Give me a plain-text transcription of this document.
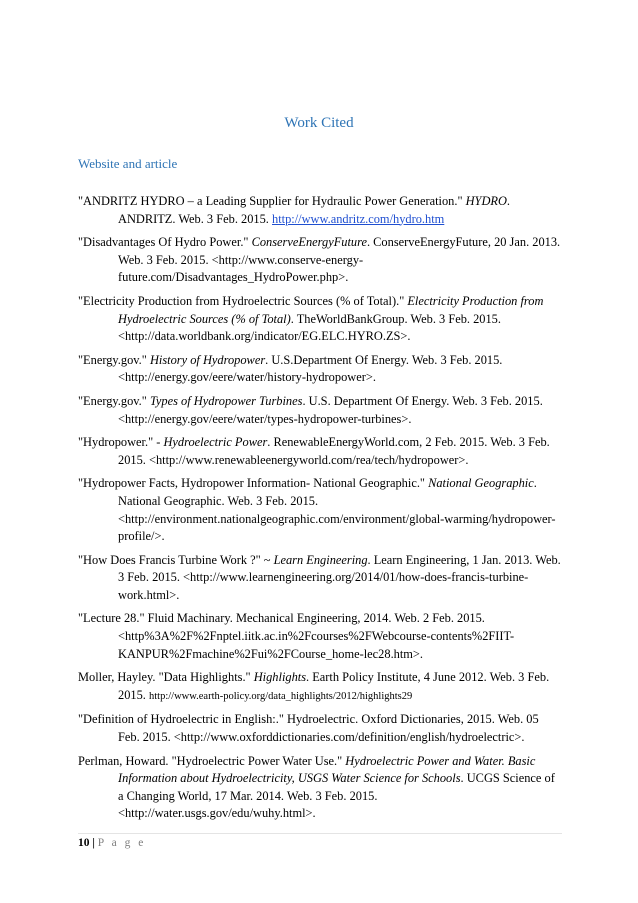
Work Cited
Website and article

"ANDRITZ HYDRO – a Leading Supplier for Hydraulic Power Generation." HYDRO. ANDRITZ. Web. 3 Feb. 2015. http://www.andritz.com/hydro.htm

"Disadvantages Of Hydro Power." ConserveEnergyFuture. ConserveEnergyFuture, 20 Jan. 2013. Web. 3 Feb. 2015. <http://www.conserve-energy-future.com/Disadvantages_HydroPower.php>.

"Electricity Production from Hydroelectric Sources (% of Total)." Electricity Production from Hydroelectric Sources (% of Total). TheWorldBankGroup. Web. 3 Feb. 2015. <http://data.worldbank.org/indicator/EG.ELC.HYRO.ZS>.

"Energy.gov." History of Hydropower. U.S.Department Of Energy. Web. 3 Feb. 2015. <http://energy.gov/eere/water/history-hydropower>.

"Energy.gov." Types of Hydropower Turbines. U.S. Department Of Energy. Web. 3 Feb. 2015. <http://energy.gov/eere/water/types-hydropower-turbines>.

"Hydropower." - Hydroelectric Power. RenewableEnergyWorld.com, 2 Feb. 2015. Web. 3 Feb. 2015. <http://www.renewableenergyworld.com/rea/tech/hydropower>.

"Hydropower Facts, Hydropower Information- National Geographic." National Geographic. National Geographic. Web. 3 Feb. 2015. <http://environment.nationalgeographic.com/environment/global-warming/hydropower-profile/>.

"How Does Francis Turbine Work ?" ~ Learn Engineering. Learn Engineering, 1 Jan. 2013. Web. 3 Feb. 2015. <http://www.learnengineering.org/2014/01/how-does-francis-turbine-work.html>.

"Lecture 28." Fluid Machinary. Mechanical Engineering, 2014. Web. 2 Feb. 2015. <http%3A%2F%2Fnptel.iitk.ac.in%2Fcourses%2FWebcourse-contents%2FIIT-KANPUR%2Fmachine%2Fui%2FCourse_home-lec28.htm>.

Moller, Hayley. "Data Highlights." Highlights. Earth Policy Institute, 4 June 2012. Web. 3 Feb. 2015. http://www.earth-policy.org/data_highlights/2012/highlights29

"Definition of Hydroelectric in English:." Hydroelectric. Oxford Dictionaries, 2015. Web. 05 Feb. 2015. <http://www.oxforddictionaries.com/definition/english/hydroelectric>.

Perlman, Howard. "Hydroelectric Power Water Use." Hydroelectric Power and Water. Basic Information about Hydroelectricity, USGS Water Science for Schools. UCGS Science of a Changing World, 17 Mar. 2014. Web. 3 Feb. 2015. <http://water.usgs.gov/edu/wuhy.html>.

10 | P a g e
